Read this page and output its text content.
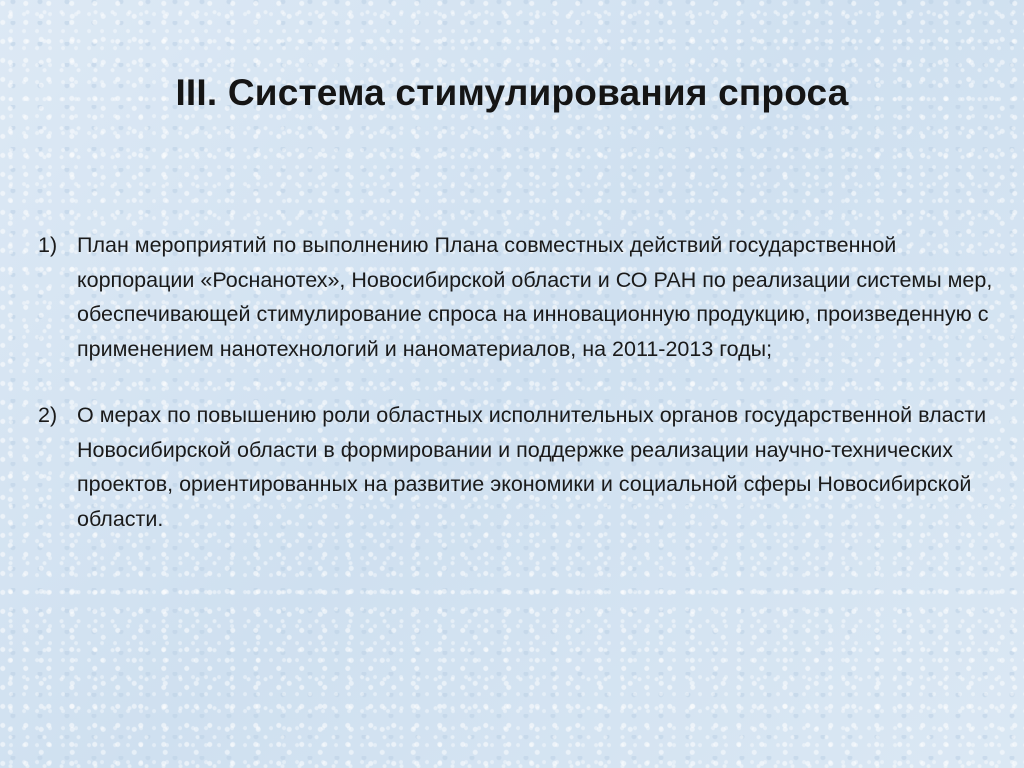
III. Система стимулирования спроса
1) План мероприятий по выполнению Плана совместных действий государственной корпорации «Роснанотех», Новосибирской области и СО РАН по реализации системы мер, обеспечивающей стимулирование спроса на инновационную продукцию, произведенную с применением нанотехнологий и наноматериалов, на 2011-2013 годы;
2) О мерах по повышению роли областных исполнительных органов государственной власти Новосибирской области в формировании и поддержке реализации научно-технических проектов, ориентированных на развитие экономики и социальной сферы Новосибирской области.
